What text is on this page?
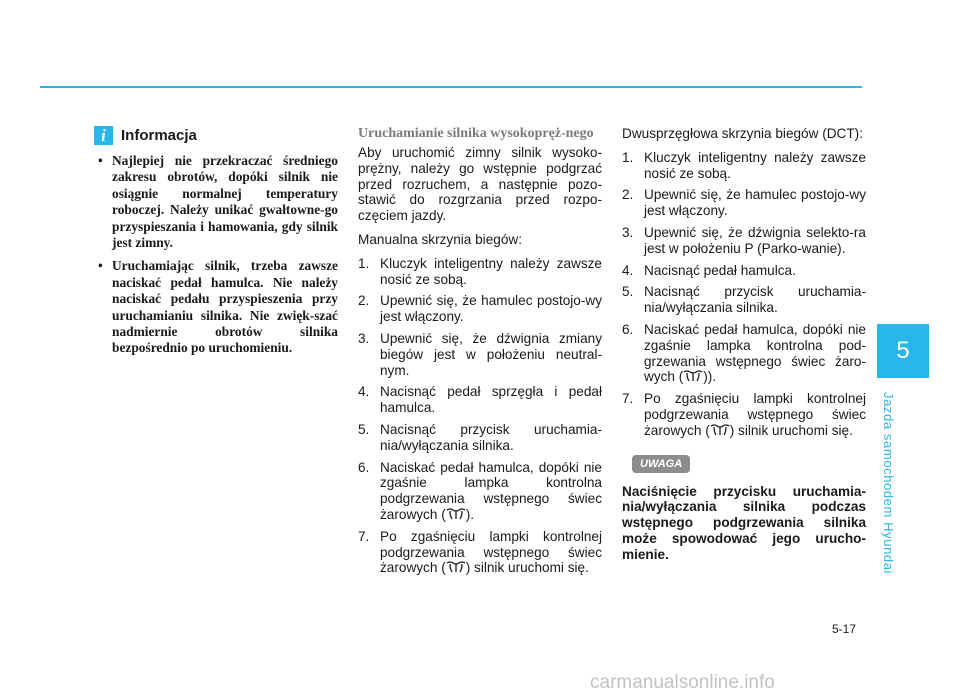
i	Informacja
• Najlepiej nie przekraczać średniego zakresu obrotów, dopóki silnik nie osiągnie normalnej temperatury roboczej. Należy unikać gwałtowne-go przyspieszania i hamowania, gdy silnik jest zimny.
• Uruchamiając silnik, trzeba zawsze naciskać pedał hamulca. Nie należy naciskać pedału przyspieszenia przy uruchamianiu silnika. Nie zwięk-szać nadmiernie obrotów silnika bezpośrednio po uruchomieniu.

Uruchamianie silnika wysokopręż-nego

Aby uruchomić zimny silnik wysoko-prężny, należy go wstępnie podgrzać przed rozruchem, a następnie pozo-stawić do rozgrzania przed rozpo-częciem jazdy.

Manualna skrzynia biegów:

1. Kluczyk inteligentny należy zawsze nosić ze sobą.
2. Upewnić się, że hamulec postojo-wy jest włączony.
3. Upewnić się, że dźwignia zmiany biegów jest w położeniu neutral-nym.
4. Nacisnąć pedał sprzęgła i pedał hamulca.
5. Nacisnąć przycisk uruchamia-nia/wyłączania silnika.
6. Naciskać pedał hamulca, dopóki nie zgaśnie lampka kontrolna podgrzewania wstępnego świec żarowych ( ).
7. Po zgaśnięciu lampki kontrolnej podgrzewania wstępnego świec żarowych ( ) silnik uruchomi się.

Dwusprzęgłowa skrzynia biegów (DCT):

1. Kluczyk inteligentny należy zawsze nosić ze sobą.
2. Upewnić się, że hamulec postojo-wy jest włączony.
3. Upewnić się, że dźwignia selekto-ra jest w położeniu P (Parko-wanie).
4. Nacisnąć pedał hamulca.
5. Nacisnąć przycisk uruchamia-nia/wyłączania silnika.
6. Naciskać pedał hamulca, dopóki nie zgaśnie lampka kontrolna pod-grzewania wstępnego świec żaro-wych ( )).
7. Po zgaśnięciu lampki kontrolnej podgrzewania wstępnego świec żarowych ( ) silnik uruchomi się.
UWAGA

Naciśnięcie przycisku uruchamia-nia/wyłączania silnika podczas wstępnego podgrzewania silnika może spowodować jego urucho-mienie.

5
Jazda samochodem Hyundai
5-17
carmanualsonline.info
